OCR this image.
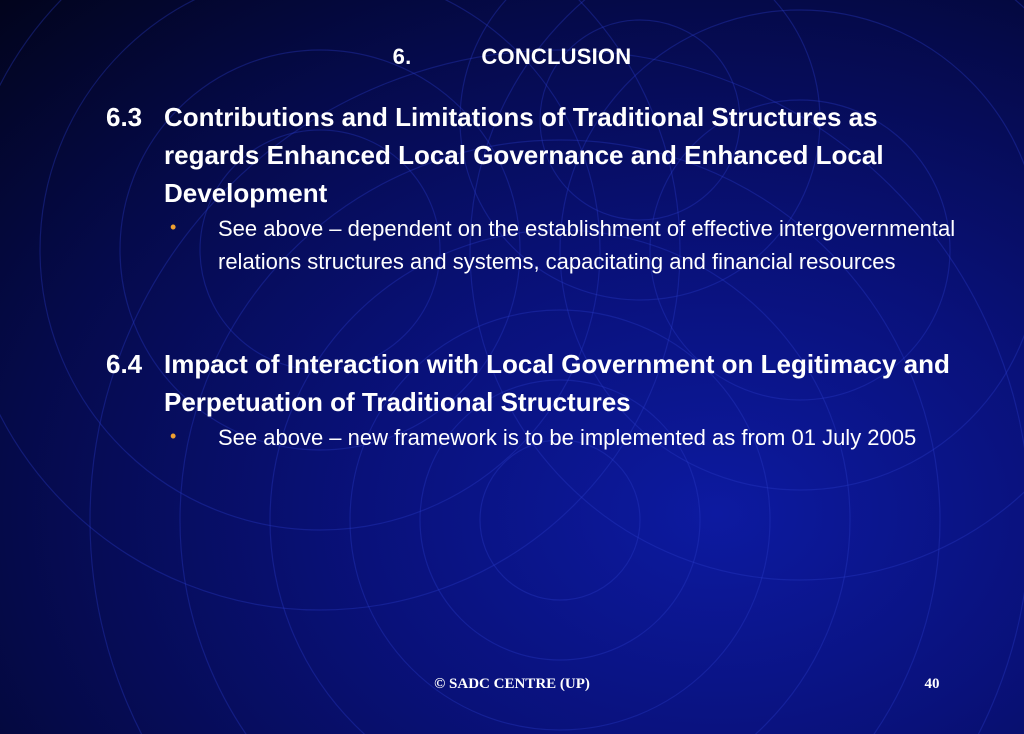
6.	CONCLUSION
6.3 Contributions and Limitations of Traditional Structures as regards Enhanced Local Governance and Enhanced Local Development
•	See above – dependent on the establishment of effective intergovernmental relations structures and systems, capacitating and financial resources
6.4 Impact of Interaction with Local Government on Legitimacy and Perpetuation of Traditional Structures
•	See above – new framework is to be implemented as from 01 July 2005
© SADC CENTRE (UP)	40
